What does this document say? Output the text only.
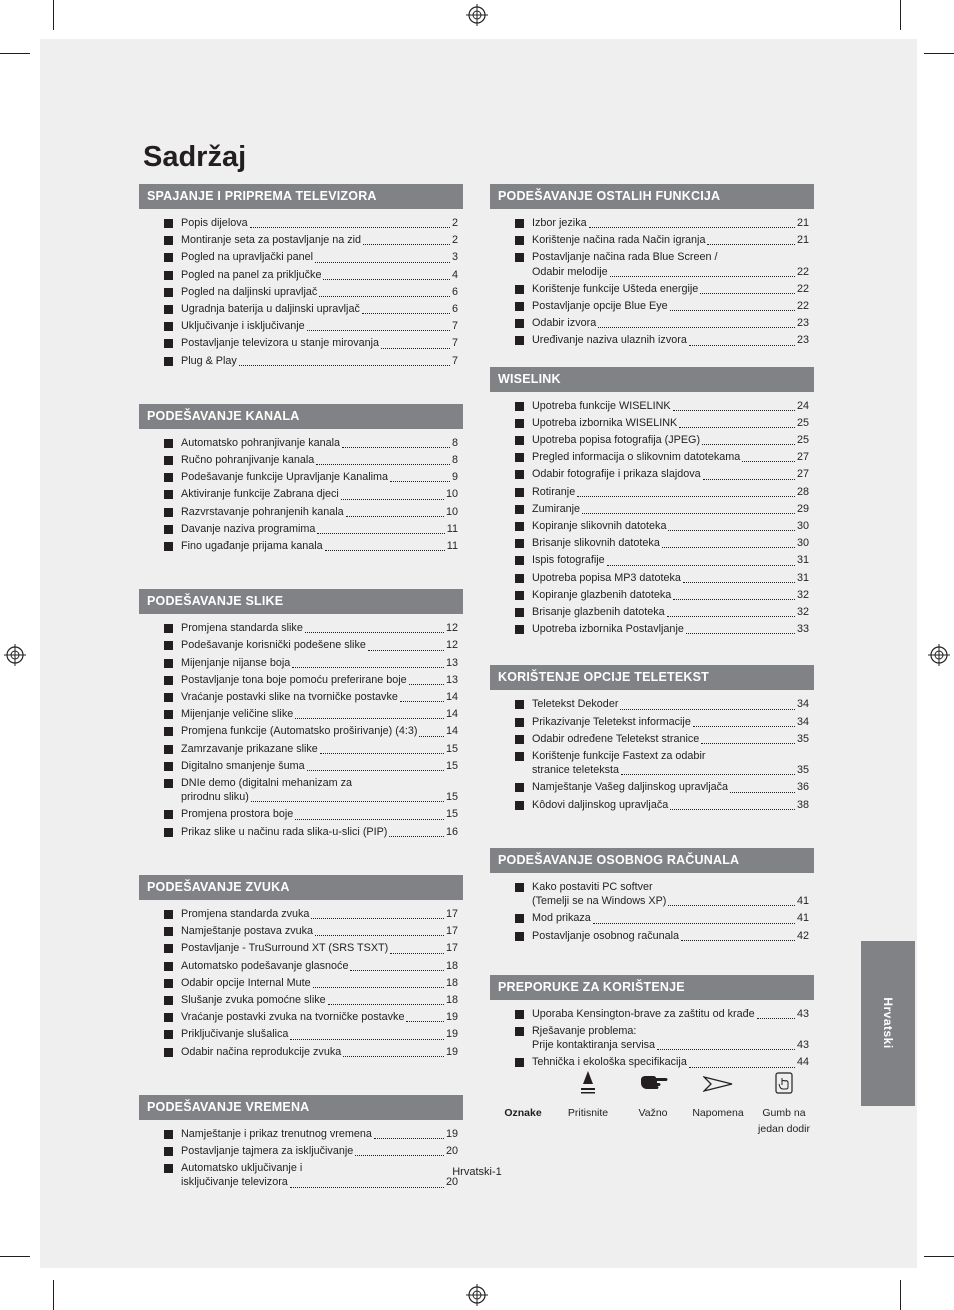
Sadržaj
SPAJANJE I PRIPREMA TELEVIZORA
Popis dijelova	2
Montiranje seta za postavljanje na zid	2
Pogled na upravljački panel	3
Pogled na panel za priključke	4
Pogled na daljinski upravljač	6
Ugradnja baterija u daljinski upravljač	6
Uključivanje i isključivanje	7
Postavljanje televizora u stanje mirovanja	7
Plug & Play	7
PODEŠAVANJE KANALA
Automatsko pohranjivanje kanala	8
Ručno pohranjivanje kanala	8
Podešavanje funkcije Upravljanje Kanalima	9
Aktiviranje funkcije Zabrana djeci	10
Razvrstavanje pohranjenih kanala	10
Davanje naziva programima	11
Fino ugađanje prijama kanala	11
PODEŠAVANJE SLIKE
Promjena standarda slike	12
Podešavanje korisnički podešene slike	12
Mijenjanje nijanse boja	13
Postavljanje tona boje pomoću preferirane boje	13
Vraćanje postavki slike na tvorničke postavke	14
Mijenjanje veličine slike	14
Promjena funkcije (Automatsko proširivanje) (4:3)	14
Zamrzavanje prikazane slike	15
Digitalno smanjenje šuma	15
DNIe demo (digitalni mehanizam za
prirodnu sliku)	15
Promjena prostora boje	15
Prikaz slike u načinu rada slika-u-slici (PIP)	16
PODEŠAVANJE ZVUKA
Promjena standarda zvuka	17
Namještanje postava zvuka	17
Postavljanje - TruSurround XT (SRS TSXT)	17
Automatsko podešavanje glasnoće	18
Odabir opcije Internal Mute	18
Slušanje zvuka pomoćne slike	18
Vraćanje postavki zvuka na tvorničke postavke	19
Priključivanje slušalica	19
Odabir načina reprodukcije zvuka	19
PODEŠAVANJE VREMENA
Namještanje i prikaz trenutnog vremena	19
Postavljanje tajmera za isključivanje	20
Automatsko uključivanje i
isključivanje televizora	20
PODEŠAVANJE OSTALIH FUNKCIJA
Izbor jezika	21
Korištenje načina rada Način igranja	21
Postavljanje načina rada Blue Screen /
Odabir melodije	22
Korištenje funkcije Ušteda energije	22
Postavljanje opcije Blue Eye	22
Odabir izvora	23
Uređivanje naziva ulaznih izvora	23
WISELINK
Upotreba funkcije WISELINK	24
Upotreba izbornika WISELINK	25
Upotreba popisa fotografija (JPEG)	25
Pregled informacija o slikovnim datotekama	27
Odabir fotografije i prikaza slajdova	27
Rotiranje	28
Zumiranje	29
Kopiranje slikovnih datoteka	30
Brisanje slikovnih datoteka	30
Ispis fotografije	31
Upotreba popisa MP3 datoteka	31
Kopiranje glazbenih datoteka	32
Brisanje glazbenih datoteka	32
Upotreba izbornika Postavljanje	33
KORIŠTENJE OPCIJE TELETEKST
Teletekst Dekoder	34
Prikazivanje Teletekst informacije	34
Odabir određene Teletekst stranice	35
Korištenje funkcije Fastext za odabir
stranice teleteksta	35
Namještanje Vašeg daljinskog upravljača	36
Kôdovi daljinskog upravljača	38
PODEŠAVANJE OSOBNOG RAČUNALA
Kako postaviti PC softver
(Temelji se na Windows XP)	41
Mod prikaza	41
Postavljanje osobnog računala	42
PREPORUKE ZA KORIŠTENJE
Uporaba Kensington-brave za zaštitu od krađe	43
Rješavanje problema:
Prije kontaktiranja servisa	43
Tehnička i ekološka specifikacija	44
Hrvatski
Oznake	Pritisnite	Važno	Napomena	Gumb na
jedan dodir
Hrvatski-1
